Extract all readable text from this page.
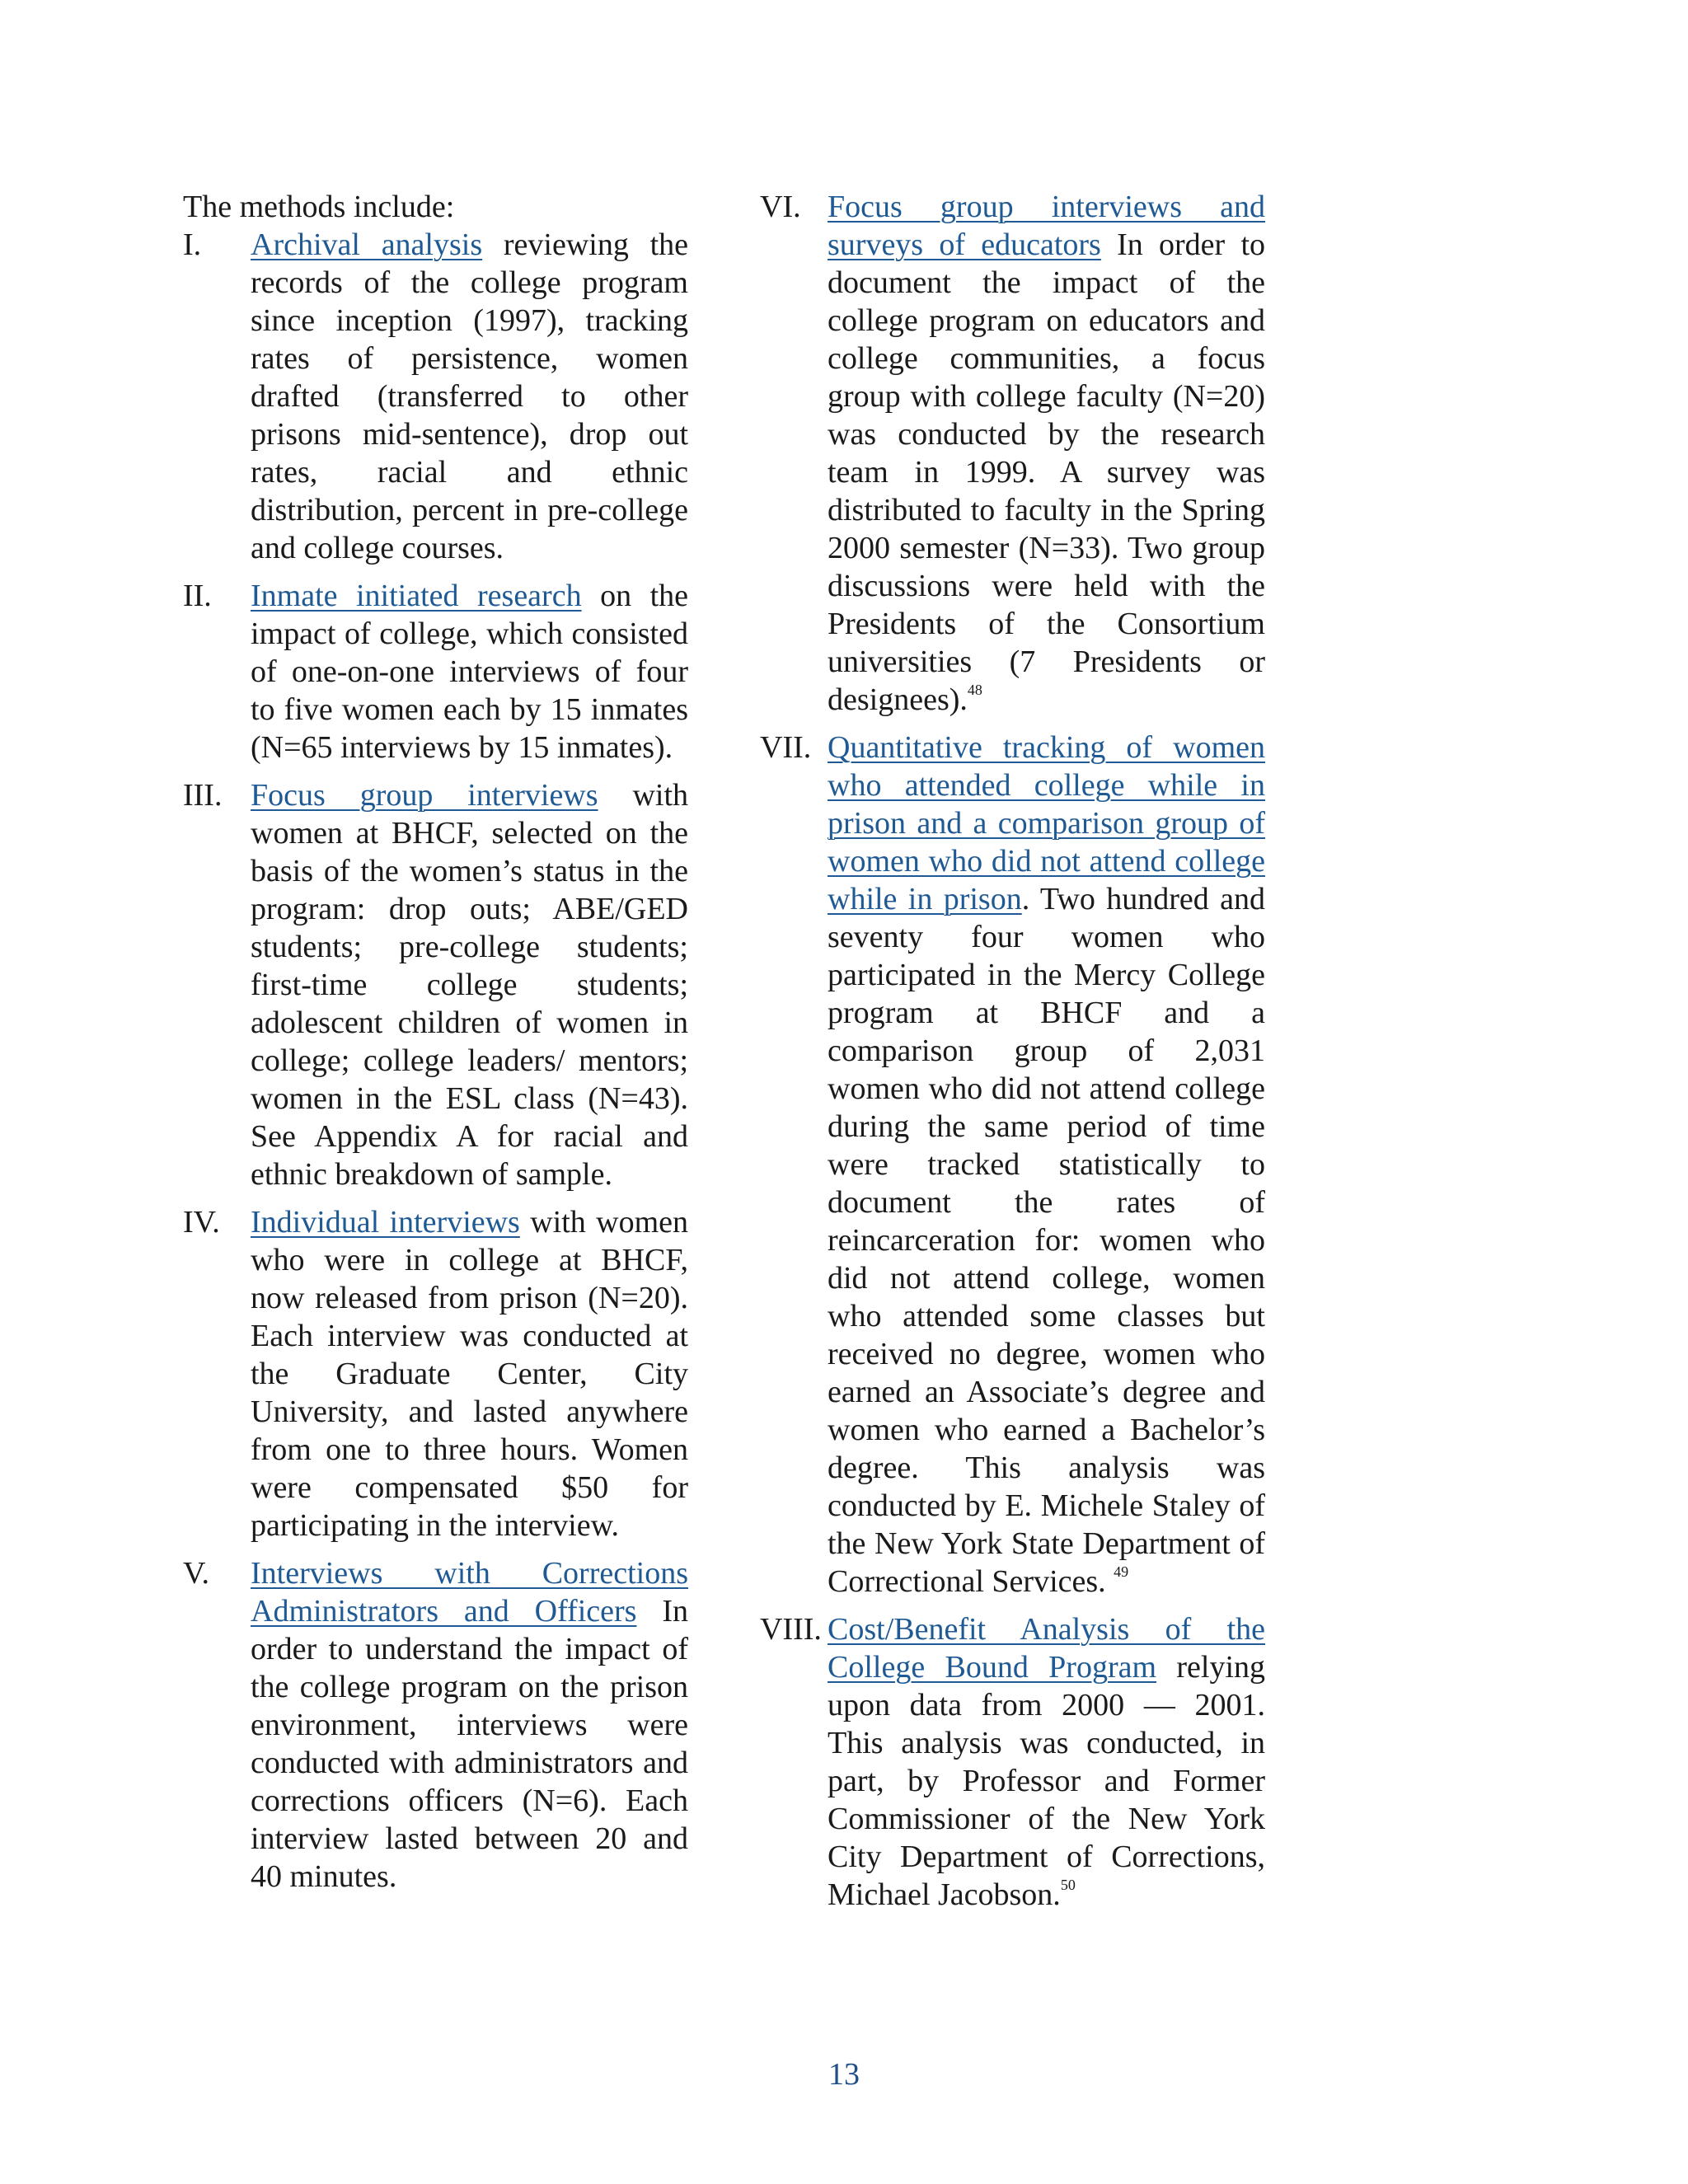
The methods include:
I. Archival analysis reviewing the records of the college program since inception (1997), tracking rates of persistence, women drafted (transferred to other prisons mid-sentence), drop out rates, racial and ethnic distribution, percent in pre-college and college courses.
II. Inmate initiated research on the impact of college, which consisted of one-on-one interviews of four to five women each by 15 inmates (N=65 interviews by 15 inmates).
III. Focus group interviews with women at BHCF, selected on the basis of the women’s status in the program: drop outs; ABE/GED students; pre-college students; first-time college students; adolescent children of women in college; college leaders/ mentors; women in the ESL class (N=43). See Appendix A for racial and ethnic breakdown of sample.
IV. Individual interviews with women who were in college at BHCF, now released from prison (N=20). Each interview was conducted at the Graduate Center, City University, and lasted anywhere from one to three hours. Women were compensated $50 for participating in the interview.
V. Interviews with Corrections Administrators and Officers In order to understand the impact of the college program on the prison environment, interviews were conducted with administrators and corrections officers (N=6). Each interview lasted between 20 and 40 minutes.
VI. Focus group interviews and surveys of educators In order to document the impact of the college program on educators and college communities, a focus group with college faculty (N=20) was conducted by the research team in 1999. A survey was distributed to faculty in the Spring 2000 semester (N=33). Two group discussions were held with the Presidents of the Consortium universities (7 Presidents or designees).$^{48}$
VII. Quantitative tracking of women who attended college while in prison and a comparison group of women who did not attend college while in prison. Two hundred and seventy four women who participated in the Mercy College program at BHCF and a comparison group of 2,031 women who did not attend college during the same period of time were tracked statistically to document the rates of reincarceration for: women who did not attend college, women who attended some classes but received no degree, women who earned an Associate’s degree and women who earned a Bachelor’s degree. This analysis was conducted by E. Michele Staley of the New York State Department of Correctional Services. $^{49}$
VIII. Cost/Benefit Analysis of the College Bound Program relying upon data from 2000 — 2001. This analysis was conducted, in part, by Professor and Former Commissioner of the New York City Department of Corrections, Michael Jacobson.$^{50}$
13
